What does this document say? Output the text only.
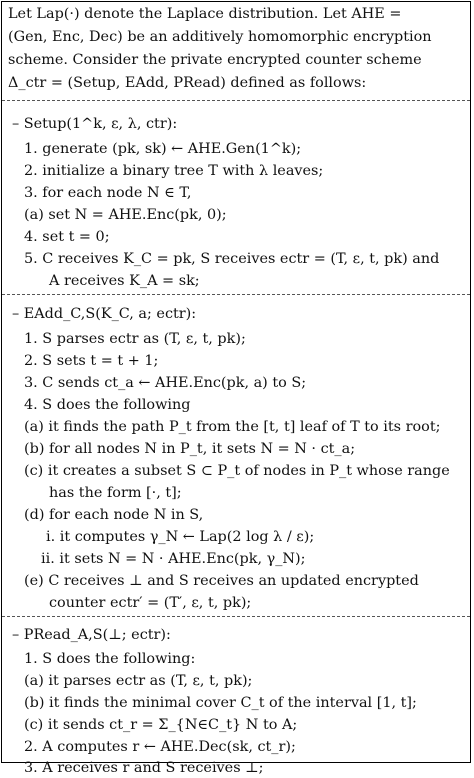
Let Lap(·) denote the Laplace distribution. Let AHE =
(Gen, Enc, Dec) be an additively homomorphic encryption
scheme. Consider the private encrypted counter scheme
Δ_ctr = (Setup, EAdd, PRead) defined as follows:
– Setup(1^k, ε, λ, ctr):
1. generate (pk, sk) ← AHE.Gen(1^k);
2. initialize a binary tree T with λ leaves;
3. for each node N ∈ T,
(a) set N = AHE.Enc(pk, 0);
4. set t = 0;
5. C receives K_C = pk, S receives ectr = (T, ε, t, pk) and
A receives K_A = sk;
– EAdd_C,S(K_C, a; ectr):
1. S parses ectr as (T, ε, t, pk);
2. S sets t = t + 1;
3. C sends ct_a ← AHE.Enc(pk, a) to S;
4. S does the following
(a) it finds the path P_t from the [t, t] leaf of T to its root;
(b) for all nodes N in P_t, it sets N = N · ct_a;
(c) it creates a subset S ⊂ P_t of nodes in P_t whose range
has the form [·, t];
(d) for each node N in S,
i. it computes γ_N ← Lap(2 log λ / ε);
ii. it sets N = N · AHE.Enc(pk, γ_N);
(e) C receives ⊥ and S receives an updated encrypted
counter ectr′ = (T′, ε, t, pk);
– PRead_A,S(⊥; ectr):
1. S does the following:
(a) it parses ectr as (T, ε, t, pk);
(b) it finds the minimal cover C_t of the interval [1, t];
(c) it sends ct_r = Σ_{N∈C_t} N to A;
2. A computes r ← AHE.Dec(sk, ct_r);
3. A receives r and S receives ⊥;
